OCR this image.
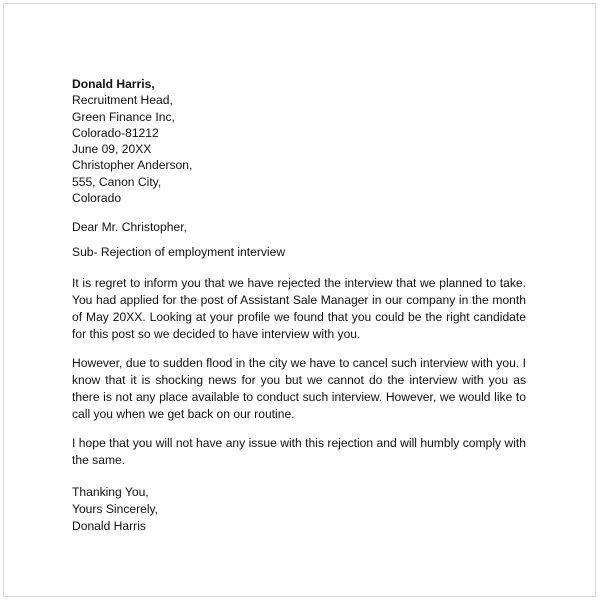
Donald Harris,
Recruitment Head,
Green Finance Inc,
Colorado-81212
June 09, 20XX
Christopher Anderson,
555, Canon City,
Colorado
Dear Mr. Christopher,
Sub- Rejection of employment interview

It is regret to inform you that we have rejected the interview that we planned to take. You had applied for the post of Assistant Sale Manager in our company in the month of May 20XX. Looking at your profile we found that you could be the right candidate for this post so we decided to have interview with you.

However, due to sudden flood in the city we have to cancel such interview with you. I know that it is shocking news for you but we cannot do the interview with you as there is not any place available to conduct such interview. However, we would like to call you when we get back on our routine.

I hope that you will not have any issue with this rejection and will humbly comply with the same.

Thanking You,
Yours Sincerely,
Donald Harris
